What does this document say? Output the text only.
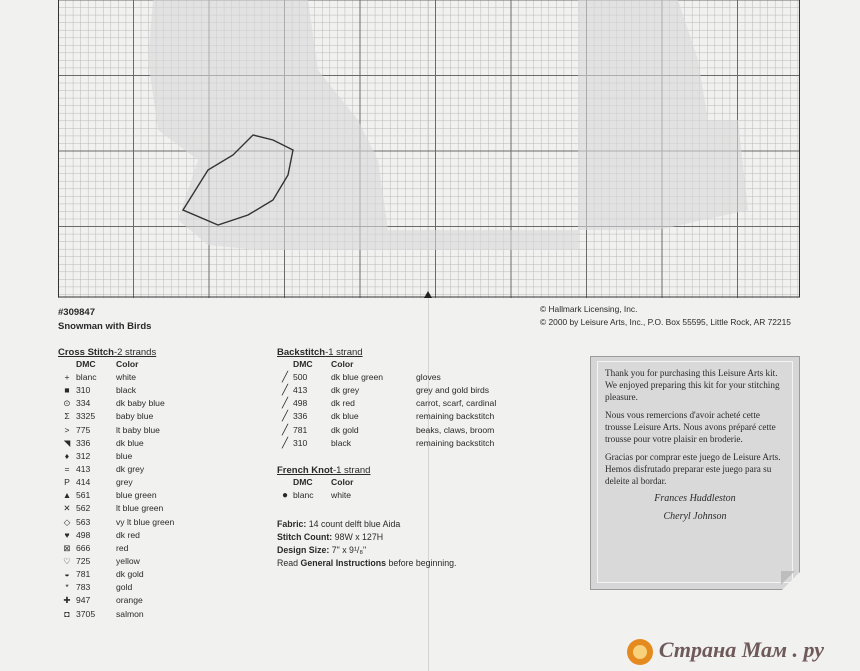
#309847
Snowman with Birds
© Hallmark Licensing, Inc.
© 2000 by Leisure Arts, Inc., P.O. Box 55595, Little Rock, AR 72215
Cross Stitch-2 strands
DMC Color
+ blanc white
■ 310	black
⊙ 334	dk baby blue
Σ 3325 baby blue
> 775	lt baby blue
◥ 336	dk blue
♦ 312	blue
= 413	dk grey
P 414	grey
▲ 561	blue green
✕ 562	lt blue green
◇ 563	vy lt blue green
♥ 498	dk red
⊠ 666	red
♡ 725	yellow
◒ 781	dk gold
* 783	gold
✚ 947	orange
◘ 3705 salmon
Backstitch-1 strand
DMC Color
╱ 500	dk blue green	gloves
╱ 413	dk grey	grey and gold birds
╱ 498	dk red	carrot, scarf, cardinal
╱ 336	dk blue	remaining backstitch
╱ 781	dk gold	beaks, claws, broom
╱ 310	black	remaining backstitch
French Knot-1 strand
DMC Color
● blanc white
Fabric: 14 count delft blue Aida
Stitch Count: 98W x 127H
Design Size: 7" x 9¹/₈"
Read General Instructions before beginning.

Thank you for purchasing this Leisure Arts kit. We enjoyed preparing this kit for your stitching pleasure.

Nous vous remercions d'avoir acheté cette trousse Leisure Arts. Nous avons préparé cette trousse pour votre plaisir en broderie.

Gracias por comprar este juego de Leisure Arts. Hemos disfrutado preparar este juego para su deleite al bordar.

Frances Huddleston

Cheryl Johnson

Страна Мам . ру
